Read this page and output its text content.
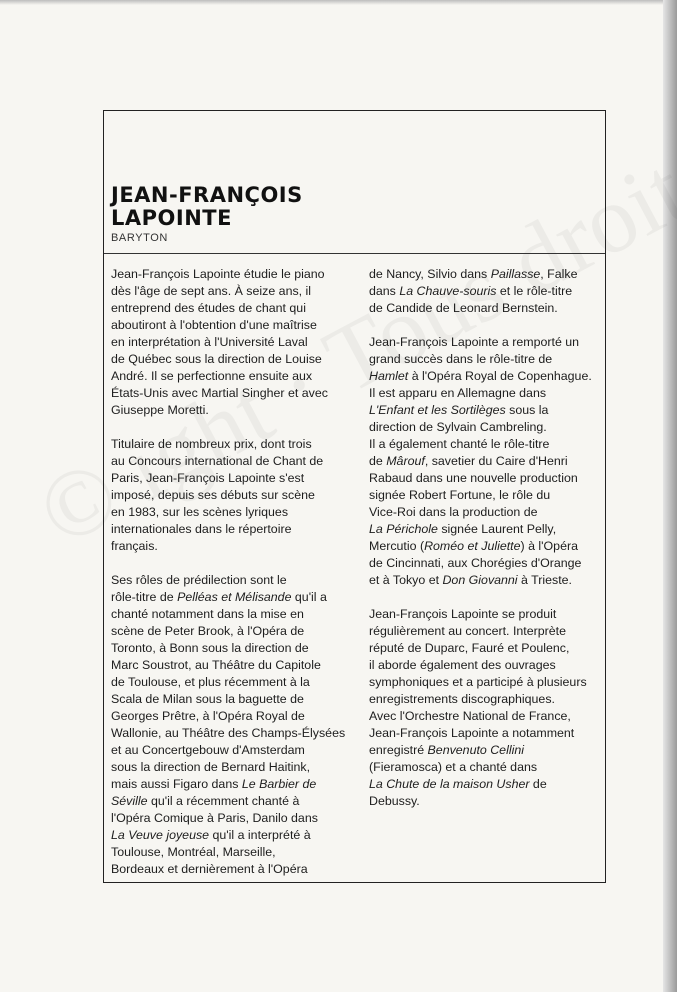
JEAN-FRANÇOIS
LAPOINTE
BARYTON

Jean-François Lapointe étudie le piano
dès l'âge de sept ans. À seize ans, il
entreprend des études de chant qui
aboutiront à l'obtention d'une maîtrise
en interprétation à l'Université Laval
de Québec sous la direction de Louise
André. Il se perfectionne ensuite aux
États-Unis avec Martial Singher et avec
Giuseppe Moretti.

Titulaire de nombreux prix, dont trois
au Concours international de Chant de
Paris, Jean-François Lapointe s'est
imposé, depuis ses débuts sur scène
en 1983, sur les scènes lyriques
internationales dans le répertoire
français.

Ses rôles de prédilection sont le
rôle-titre de Pelléas et Mélisande qu'il a
chanté notamment dans la mise en
scène de Peter Brook, à l'Opéra de
Toronto, à Bonn sous la direction de
Marc Soustrot, au Théâtre du Capitole
de Toulouse, et plus récemment à la
Scala de Milan sous la baguette de
Georges Prêtre, à l'Opéra Royal de
Wallonie, au Théâtre des Champs-Élysées
et au Concertgebouw d'Amsterdam
sous la direction de Bernard Haitink,
mais aussi Figaro dans Le Barbier de
Séville qu'il a récemment chanté à
l'Opéra Comique à Paris, Danilo dans
La Veuve joyeuse qu'il a interprété à
Toulouse, Montréal, Marseille,
Bordeaux et dernièrement à l'Opéra

de Nancy, Silvio dans Paillasse, Falke
dans La Chauve-souris et le rôle-titre
de Candide de Leonard Bernstein.

Jean-François Lapointe a remporté un
grand succès dans le rôle-titre de
Hamlet à l'Opéra Royal de Copenhague.
Il est apparu en Allemagne dans
L'Enfant et les Sortilèges sous la
direction de Sylvain Cambreling.
Il a également chanté le rôle-titre
de Mârouf, savetier du Caire d'Henri
Rabaud dans une nouvelle production
signée Robert Fortune, le rôle du
Vice-Roi dans la production de
La Périchole signée Laurent Pelly,
Mercutio (Roméo et Juliette) à l'Opéra
de Cincinnati, aux Chorégies d'Orange
et à Tokyo et Don Giovanni à Trieste.

Jean-François Lapointe se produit
régulièrement au concert. Interprète
réputé de Duparc, Fauré et Poulenc,
il aborde également des ouvrages
symphoniques et a participé à plusieurs
enregistrements discographiques.
Avec l'Orchestre National de France,
Jean-François Lapointe a notamment
enregistré Benvenuto Cellini
(Fieramosca) et a chanté dans
La Chute de la maison Usher de
Debussy.
